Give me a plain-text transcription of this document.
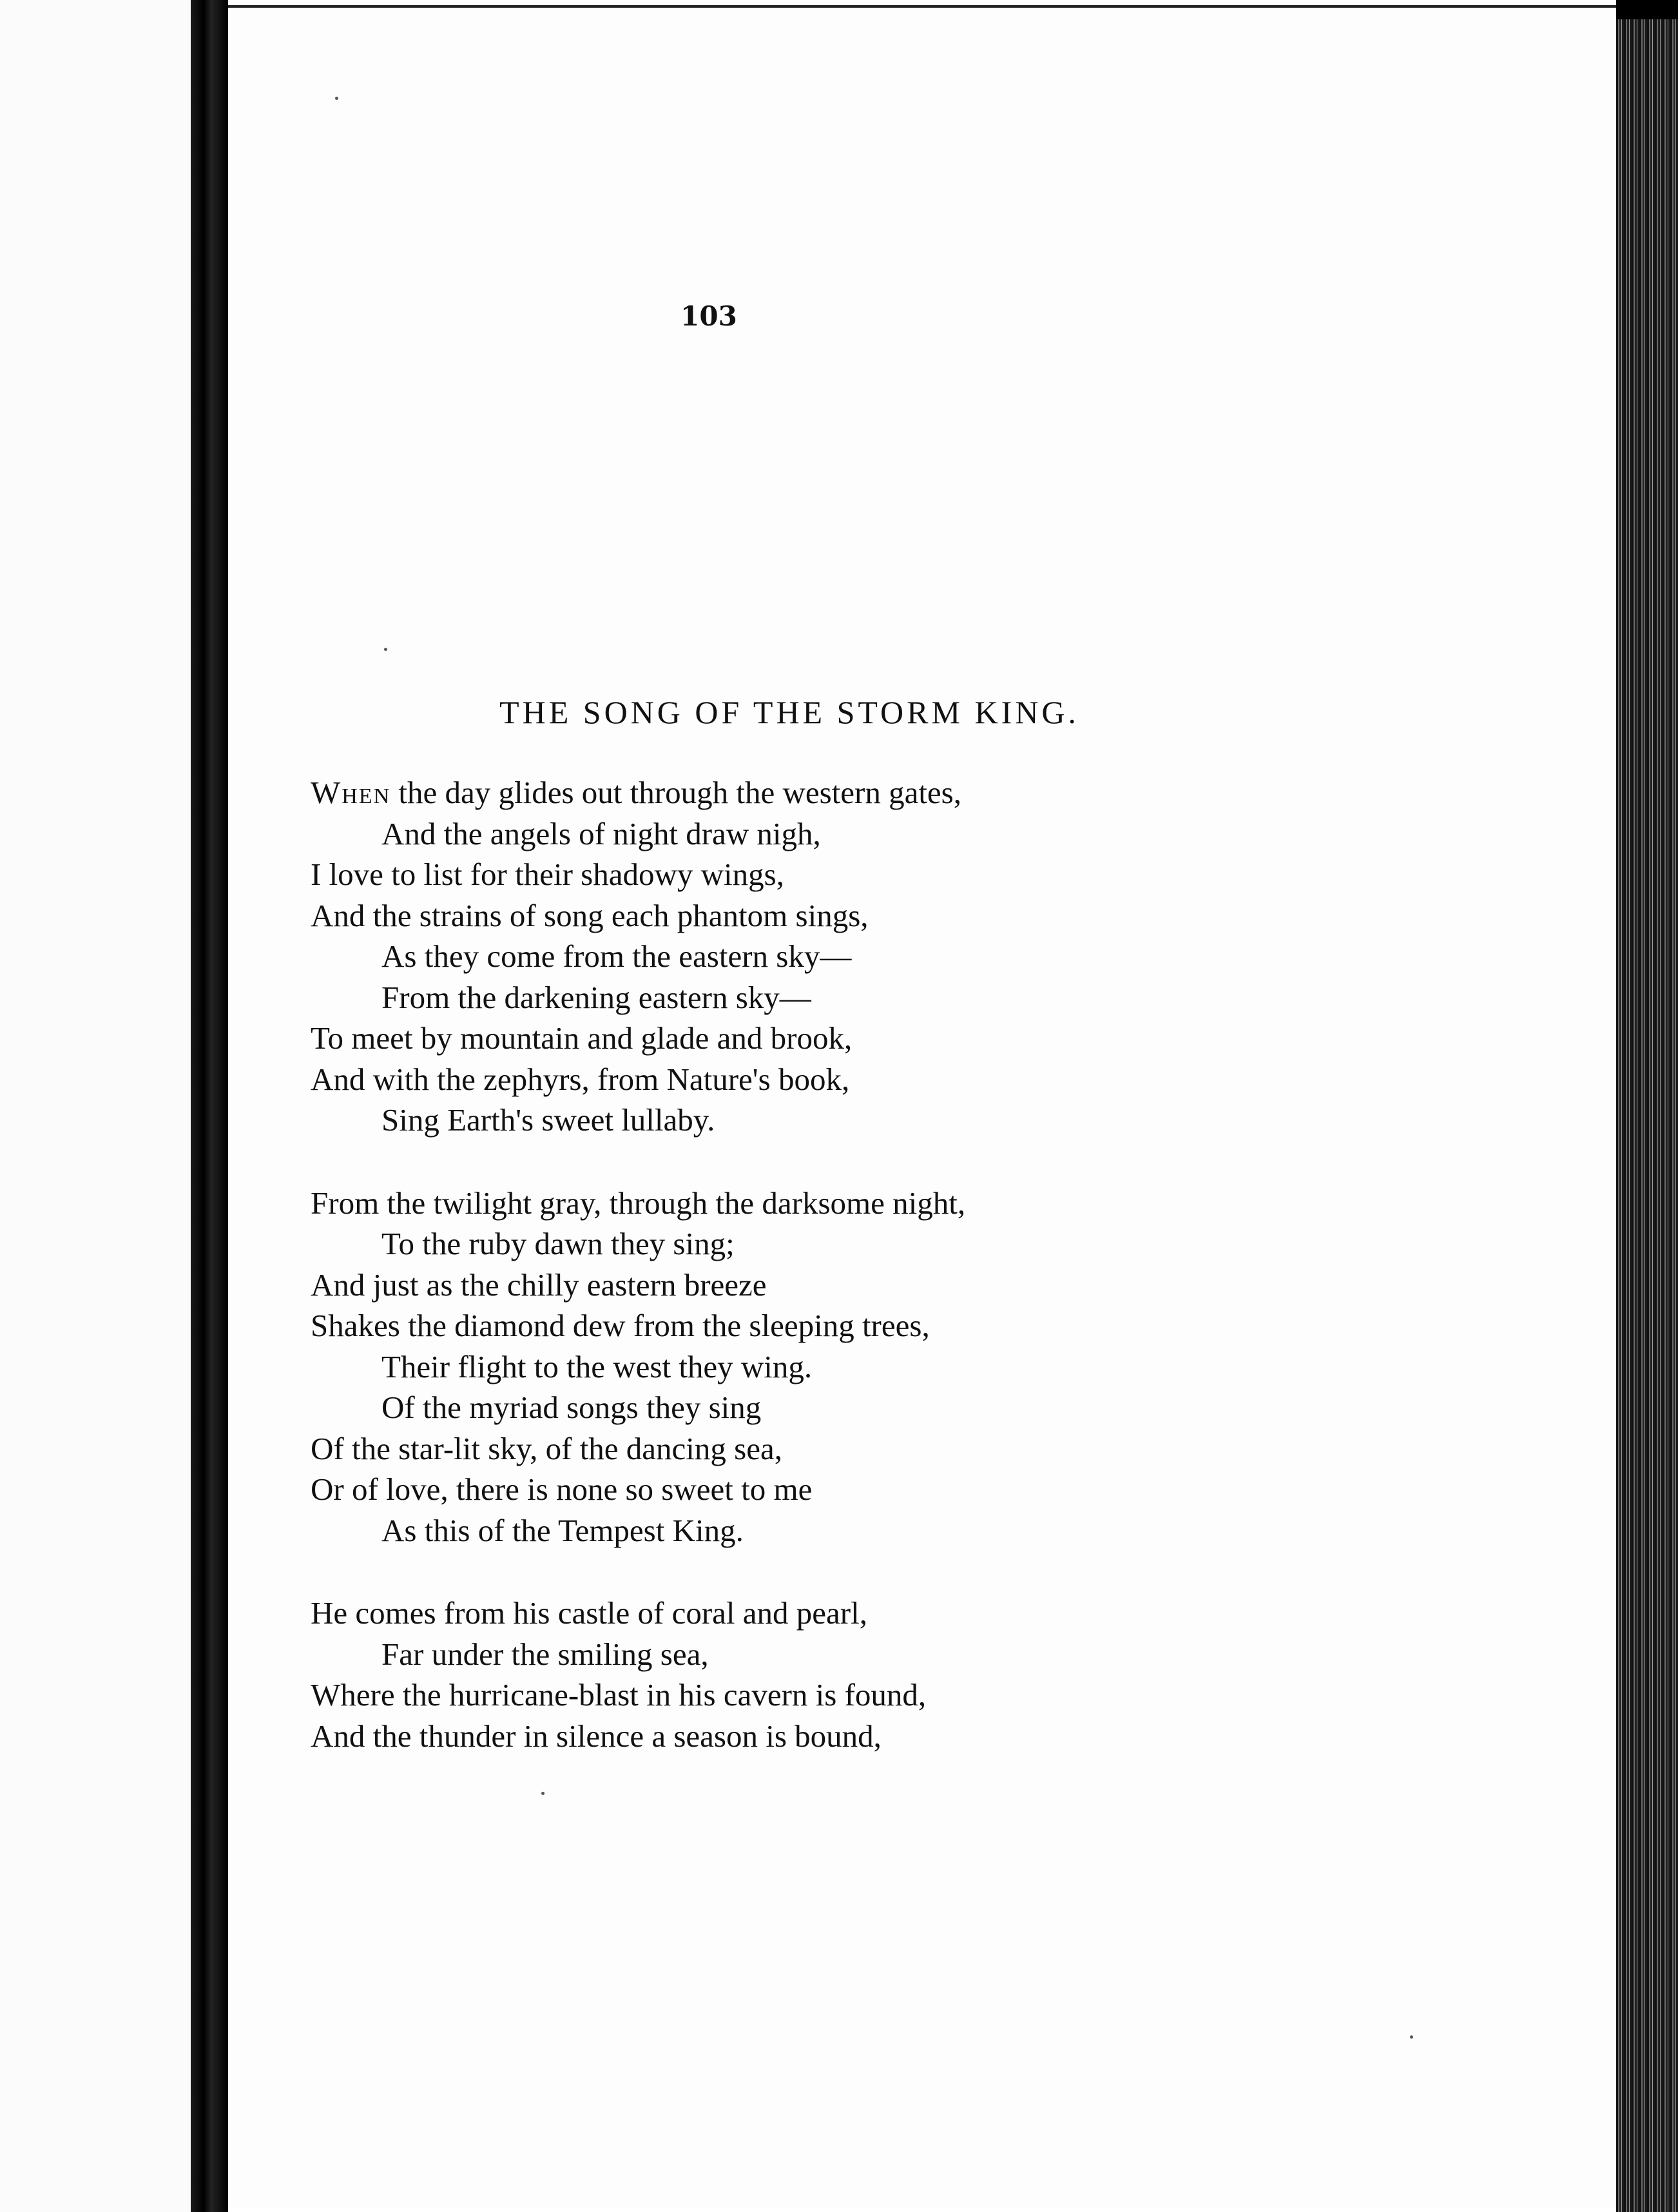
103
THE SONG OF THE STORM KING.
When the day glides out through the western gates,
And the angels of night draw nigh,
I love to list for their shadowy wings,
And the strains of song each phantom sings,
As they come from the eastern sky—
From the darkening eastern sky—
To meet by mountain and glade and brook,
And with the zephyrs, from Nature's book,
Sing Earth's sweet lullaby.
From the twilight gray, through the darksome night,
To the ruby dawn they sing;
And just as the chilly eastern breeze
Shakes the diamond dew from the sleeping trees,
Their flight to the west they wing.
Of the myriad songs they sing
Of the star-lit sky, of the dancing sea,
Or of love, there is none so sweet to me
As this of the Tempest King.
He comes from his castle of coral and pearl,
Far under the smiling sea,
Where the hurricane-blast in his cavern is found,
And the thunder in silence a season is bound,
